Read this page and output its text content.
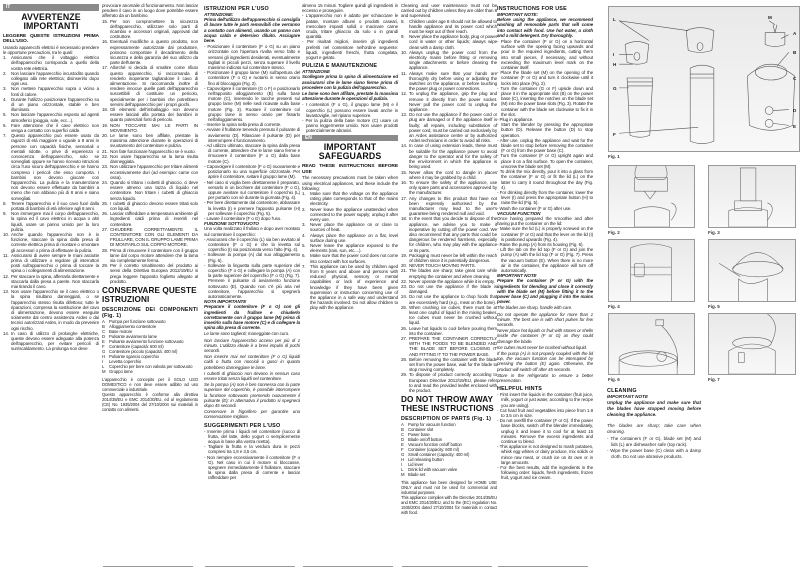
IT
AVVERTENZE IMPORTANTI
LEGGERE QUESTE ISTRUZIONI PRIMA DELL'USO.
Usando apparecchi elettrici è necessario prendere le opportune precauzioni, tra le quali:
1. Assicurarsi che il voltaggio elettrico dell'apparecchio corrisponda a quello della vostra rete elettrica.
2. Non lasciare l'apparecchio incustodito quando collegato alla rete elettrica; disinserirlo dopo ogni uso.
3. Non mettere l'apparecchio sopra o vicino a fonti di calore.
4. Durante l'utilizzo posizionare l'apparecchio su di un piano orizzontale, stabile e ben illuminato.
5. Non lasciare l'apparecchio esposto ad agenti atmosferici (pioggia, sole, ecc...).
6. Fare attenzione che il cavo elettrico non venga a contatto con superfici calde.
7. Questo apparecchio può essere usato da ragazzi di età maggiore o uguale a 8 anni in persone con capacità fisiche, sensoriali o mentali ridotte, o prive di esperienza o conoscenza dell'apparecchio, solo se sorvegliati oppure se hanno ricevuto istruzioni circa l'uso sicuro dell'apparecchio e se hanno compreso i pericoli che esso comporta. I bambini non devono giocare con l'apparecchio. La pulizia e la manutenzione non devono essere effettuate da bambini a meno che non abbiano più di 8 anni e siano sorvegliati.
8. Tenere l'apparecchio e il suo cavo fuori dalla portata di bambini di età inferiore agli 8 anni.
9. Non immergere mai il corpo dell'apparecchio, la spina ed il cavo elettrico in acqua o altri liquidi, usare un panno umido per la loro pulizia.
10. Anche quando l'apparecchio non è in funzione, staccare la spina dalla presa di corrente elettrica prima di montare o smontare gli accessori o prima di effettuare la pulizia.
11. Assicurarsi di avere sempre le mani asciutte prima di utilizzare o regolare gli interruttori posti sull'apparecchio o prima di toccare la spina o i collegamenti di alimentazione.
12. Per staccare la spina, afferrarla direttamente e staccarla dalla presa a parete. Non staccarla mai tirando il cavo.
13. Non usare l'apparecchio se il cavo elettrico o la spina risultano danneggiati, o se l'apparecchio stesso risulta difettoso; tutte le riparazioni, compresa la sostituzione del cavo di alimentazione, devono essere eseguite solamente dal centro assistenza Ardes o dai tecnici autorizzati Ardes, in modo da prevenire ogni rischio.
14. In caso di utilizzo di prolunghe elettriche, queste devono essere adeguate alla potenza dell'apparecchio, per evitare pericoli di surriscaldamento. La prolunga non deve
provocare anomalie di funzionamento. Non lasciar pendere il cavo in un luogo dove potrebbe essere afferrato da un bambino.
15. Per non compromettere la sicurezza dell'apparecchio, utilizzare solo parti di ricambio e accessori originali, approvati dal costruttore.
16. Eventuali modifiche a questo prodotto, non espressamente autorizzate dal produttore, possono comportare il decadimento della sicurezza e della garanzia del suo utilizzo da parte dell'utente.
17. Allorché si decida di smaltire come rifiuto questo apparecchio, si raccomanda di renderlo inoperante tagliandone il cavo di alimentazione. Si raccomanda inoltre di rendere innocue quelle parti dell'apparecchio suscettibili di costituire un pericolo, specialmente per i bambini che potrebbero servirsi dell'apparecchio per i propri giochi.
18. Gli elementi dell'imballaggio non devono essere lasciati alla portata dei bambini in quanto potenziali fonti di pericolo.
19. NON TOCCARE MAI LE PARTI IN MOVIMENTO.
20. Le lame sono ben affilate, prestate la massima attenzione durante le operazioni di svuotamento del contenitore e pulizia.
21. Non fate funzionare l'apparecchio se è vuoto.
22. Non usare l'apparecchio se la lama risulta danneggiata.
23. Non utilizzare l'apparecchio per tritare alimenti eccessivamente duri (ad esempio: carne con ossa).
24. Quando si tritano i cubetti di ghiaccio, ci deve essere almeno una tazza di liquido nel contenitore. Non tritare i cubetti di ghiaccio senza liquido.
25. I cubetti di ghiaccio devono essere tritati solo con liquidi.
26. Lasciar raffreddare a temperatura ambiente gli ingredienti caldi prima di inserirli nel contenitore.
27. CHIUDERE CORRETTAMENTE IL CONTENITORE CON GLI ELEMENTI DA FRULLARE, CON IL GRUPPO LAME PRIMA DI MONTARLO SUL CORPO MOTORE.
28. Prima di rimuovere il contenitore con il gruppo lame dal corpo motore attendere che la lama sia completamente ferma.
29. Per il corretto smaltimento del prodotto ai sensi della Direttiva Europea 2012/19/EU si prega leggere l'apposito foglietto allegato al prodotto.
CONSERVARE QUESTE ISTRUZIONI
DESCRIZIONE DEI COMPONENTI (Fig. 1)
A Pompa per funzione sottovuoto
B Alloggiamento contenitore
C Base motore
D Pulsante avviamento lame
E Pulsante avviamento funzione sottovuoto
F	Contenitore (capacità: 600 ml)
G Contenitore piccolo (capacità: 400 ml)
H Pulsante sgancio coperchio
I	Levetta coperchio
L	Coperchio per bere con valvola per sottovuoto
M Gruppo lame
L'apparecchio è concepito per il SOLO USO DOMESTICO e non deve essere adibito ad uso commerciale o industriale.
Questo apparecchio è conforme alla direttiva 2014/35/EU e EMC 2014/30/EU, ed al regolamento (CE) No. 1935/2004 del 27/10/2004 sui materiali in contatto con alimenti.
ISTRUZIONI PER L'USO
ATTENZIONE:
Prima dell'utilizzo dell'apparecchio si consiglia di lavare tutte le parti removibili che verranno a contatto con alimenti, usando un panno con acqua calda e detersivo diluito. Asciugare bene.
- Posizionare il contenitore (F o G) su un piano orizzontale con l'apertura rivolta verso l'alto e versarvi gli ingredienti desiderati, eventualmente tagliati in piccoli pezzi, senza superare il livello massimo indicato sul contenitore stesso.
- Posizionare il gruppo lame (M) sull'apertura del contenitore (F o G) e ruotarlo in senso orario fino al bloccaggio (Fig. 2).
- Capovolgere il contenitore (G o F) e posizionarlo nell'apposito alloggiamento (B) sulla base motore (C), inserendo le tacche presenti sul gruppo lame (M) nelle sedi ricavate sulla base motore (Fig. 3). Ruotare il contenitore col gruppo lame in senso orario per fissarlo nell'alloggiamento.
- Inserire la spina nella presa di corrente.
- Avviare il frullatore tenendo premuto il pulsante di avviamento (D). Rilasciare il pulsante (D) per interrompere il funzionamento.
- Ad utilizzo ultimato, staccare la spina dalla presa di corrente, attendere che le lame siano ferme e rimuovere il contenitore (F o G) dalla base motore (C).
- Capovolgere il contenitore (F o G) nuovamente e posizionarlo su una superficie orizzontale. Per aprire il contenitore, svitare il gruppo lame (M).
- Nel caso si voglia bere direttamente il preparato, versarlo in un bicchiere dal contenitore (F o G), oppure avvitare sul contenitore il coperchio (L) per portarlo con sé durante la giornata (Fig. 4).
- Per bere direttamente dal contenitore, abbassare la levetta (I) e premere l'apposito pulsante (H) per sollevare il coperchio (Fig. 5).
- Lavare il contenitore (F o G) dopo l'uso.
FUNZIONE SOTTOVUOTO
Una volta realizzato il frullato e dopo aver montato sul contenitore il coperchio:
- Assicurarsi che il coperchio (L) sia ben avvitato al contenitore (F o G) e che la levetta sul coperchio (I) sia posizionata verso l'alto (Fig. 4).
- Sollevare la pompa (A) dal suo alloggiamento (Fig. 6).
- Sollevare la linguetta sulla parte superiore del coperchio (F o G) e collegare la pompa (A) con la parte superiore del coperchio (F o G) (Fig. 7). Premere il pulsante di avviamento funzione sottovuoto (E). Quando non c'è più aria nel contenitore, l'apparecchio si spegnerà automaticamente.
NOTA IMPORTANTE
Preparare il contenitore (F o G) con gli ingredienti da frullare e chiuderlo correttamente con il gruppo lame (M) prima di inserirlo sulla base motore (C) e di collegare la spina alla presa di corrente.
Le lame sono taglienti; maneggiate con cura.
Non lasciare l'apparecchio acceso per più di 1 minuto. L'utilizzo ideale è a brevi impulsi di pochi secondi.
Non inserire mai nel contenitore (F o G) liquidi caldi o frutta con noccioli o gusci in quanto potrebbero danneggiare le lame.
I cubetti di ghiaccio non devono in nessun caso essere tritati senza liquidi nel contenitore.
Se la pompa (A) non è ben connessa con la parte superiore del coperchio, è possibile interrompere la funzione sottovuoto premendo nuovamente il pulsante (E); in alternativa il prodotto si spegnerà dopo 45 secondi.
Conservare in frigorifero per garantire una conservazione migliore.
SUGGERIMENTI PER L'USO
- Inserire prima i liquidi nel contenitore (succo di frutta, del latte, dello yogurt o semplicemente acqua in base alla vostra ricetta).
- Tagliare la frutta e la verdura dura in pezzi compresi tra 1,8 e 3,5 cm.
- Non riempire eccessivamente il contenitore (F o G). Nel caso in cui il motore si bloccasse, spegnere immediatamente il frullatore, staccare la spina dalla presa di corrente e lasciar raffreddare per
almeno 15 minuti. Togliere quindi gli ingredienti in eccesso e proseguire.
- L'apparecchio non è adatto per schiacciare le patate, montare albumi o prodotti caseari, mescolare impasti solidi o macinare carne cruda, tritare ghiaccio da solo o in grandi quantità.
- Per risultati migliori, inserire gli ingredienti preferiti nel contenitore nell'ordine seguente: liquidi, ingredienti freschi, frutta congelata, yogurt e gelato.
PULIZIA E MANUTENZIONE
ATTENZIONE
Scollegare prima la spina di alimentazione ed assicurarsi che le lame siano ferme prima di procedere con la pulizia dell'apparecchio.
Le lame sono ben affilate, prestate la massima attenzione durante le operazioni di pulizia.
- I contenitori (F o G), il gruppo lame (M) e il coperchio (L) possono essere lavati anche in lavastoviglie, nel ripiano superiore.
- Per la pulizia della base motore (C) usare un panno leggermente umido. Non usare prodotti potenzialmente abrasivi.
EN
IMPORTANT SAFEGUARDS
READ THESE INSTRUCTIONS BEFORE USE
The necessary precautions must be taken when using electrical appliances, and these include the following:
1. Make sure that the voltage on the appliance rating plate corresponds to that of the mains electricity.
2. Never leave the appliance unattended when connected to the power supply; unplug it after every use.
3. Never place the appliance on or close to sources of heat.
4. Always place the appliance on a flat, level surface during use.
5. Never leave the appliance exposed to the elements (rain, sun, etc....).
6. Make sure that the power cord does not come into contact with hot surfaces.
7. This appliance can be used by children aged from 8 years and above and persons with reduced physical, sensory or mental capabilities or lack of experience and knowledge if they have been given supervision or instruction concerning use of the appliance in a safe way and understand the hazards involved. Do not allow children to play with the appliance.
Cleaning and user maintenance must not be carried out by children unless they are older than 8 and supervised.
8. Children under age 8 should not be allowed to handle appliance and its power cord which must be kept out of their reach.
9. Never place the appliance body, plug or power cord in water or other liquids; always wipe clean with a damp cloth.
10. Always unplug the power cord from the electricity mains before fitting or removing single attachments or before cleaning the appliance.
11. Always make sure that your hands are thoroughly dry before using or adjusting the switches on the appliance, or before touching the power plug or power connections.
12. To unplug the appliance, grip the plug and remove it directly from the power socket. Never pull the power cord to unplug the appliance.
13. Do not use the appliance if the power cord or plug are damaged or if the appliance itself is faulty; all repairs, including substitution of power cord, must be carried out exclusively by an Ardes assistance centre or by authorized Ardes technicians in order to avoid all risks.
14. In case of using extension leads, these must be suitable for the appliance power to avoid danger to the operator and for the safety of the environment in which the appliance is being used.
15. Never allow the cord to dangle in places where it may be grabbed by a child.
16. To ensure the safety of the appliance, use only spare parts and accessories approved by the manufacturer.
17. Any changes to this product that have not been expressly authorised by the manufacturer may lead to the user's guarantee being rendered null and void.
18. In the event that you decide to dispose of the appliance, we advise you to make it inoperative by cutting off the power cord. We also recommend that any parts that could be dangerous be rendered harmless, especially for children, who may play with the appliance or its parts.
19. Packaging must never be left within the reach of children since it is potentially dangerous.
20. NEVER TOUCH MOVING PARTS.
21. The blades are sharp; take great care while emptying the container and when cleaning.
22. Never operate the appliance while it is empty.
23. Do not use the appliance if the blade is damaged.
24. Do not use the appliance to chop foods that are excessively hard (e.g., meat on the bone).
25. When crushing ice cubes, there must be at least one capful of liquid in the mixing beaker. Ice cubes must never be crushed without liquid.
26. Leave hot liquids to cool before pouring them into the container.
27. PREPARE THE CONTAINER CORRECTLY WITH THE FOODS TO BE BLENDED AND THE BLADE SET BEFORE CLOSING IT AND FITTING IT TO THE POWER BASE.
28. Before removing the container with the blade set from the power base, wait for the blade to stop moving completely.
29. To dispose of product correctly according to European Directive 2012/19/EU, please refer to and read the provided leaflet enclosed with the product.
DO NOT THROW AWAY THESE INSTRUCTIONS
DESCRIPTION OF PARTS (Fig. 1)
A Pump for vacuum function
B Container slot
C Power base
D Blade on/off button
E Vacuum function on/off button
F	Container (capacity: 600 ml)
G Small container (capacity: 400 ml)
H Lid releasing button
I	Lid lever
L	Drink lid with vacuum valve
M Blade set
This appliance has been designed for HOME USE ONLY and must not be used for commercial and industrial purposes.
This appliance complies with the Directive 2014/35/EU and EMC 2014/30/EU, and to the (EC) regulation No. 1935/2004 dated 27/10/2004 for materials in contact with food.
INSTRUCTIONS FOR USE
IMPORTANT NOTE:
Before using the appliance, we recommend washing all removable parts that will come into contact with food. Use hot water, a cloth and a mild detergent. Dry thoroughly.
- Place the container (F or G) on a horizontal surface with the opening facing upwards and pour in the required ingredients, cutting them into small pieces, if necessary, and without exceeding the maximum level mark on the container itself.
- Place the blade set (M) on the opening of the container (F or G) and turn it clockwise until it locks into place (Fig. 2).
- Turn the container (G or F) upside down and place it in the appropriate slot (B) on the power base (C), inserting the notches on the blade set (M) into the power base slots (Fig. 3). Rotate the container with the blade set clockwise to fix it in the slot.
- Plug in appliance.
- Start the blender by pressing the appropriate button (D). Release the button (D) to stop operation.
- After use, unplug the appliance and wait for the blade set to stop before removing the container (F or G) from the power base (C).
- Turn the container (F or G) upright again and place it on a flat surface. To open the container, unscrew the blade set (M).
- To drink the mix directly, pour it into a glass from the container (F or G) or fit the lid (L) on the latter to carry it round throughout the day (Fig. 4).
- For drinking directly from the container, lower the lever (I) and press the appropriate button (H) to raise the lid (Fig. 5).
- Wash the container (F or G) after use.
VACUUM FUNCTION
Once having prepared the smoothie and after having put the container on the lid:
- Make sure the lid (L) is properly screwed on the container (F or G) and that the lever on the lid (I) is positioned upwards (Fig. 4).
- Raise the pump (A) from its housing (Fig. 6).
- Lift the tab on the lid top (F or G) and join the pump (A) with the lid top (F or G) (Fig. 7). Press the vacuum button (E). When there is no more air in the container, the appliance will turn off automatically.
IMPORTANT NOTE
Prepare the container (F or G) with the ingredients for blending and close it correctly with the blade set (M) before fitting it to the power base (C) and plugging it into the mains power.
The blades are sharp, handle with care.
Do not operate the appliance for more than 1 minute. The best use is with short pulses for few seconds.
Never place hot liquids or fruit with stones or shells inside the container (F or G) as they could damage the blade.
Ice cubes must never be crushed without liquid.
If the pump (A) is not properly coupled with the lid top, the vacuum function can be interrupted by pressing the button (E) again. Otherwise, the product will switch off after 45 seconds.
Store in the refrigerator to ensure a better preservation.
HELPFUL HINTS
- First insert the liquids in the container (fruit juice, milk, yogurt or just water, according to the recipe you are using).
- Cut hard fruit and vegetables into piece from 1.8 to 3.5 cm in size.
- Do not overfill the container (F or G). If the power base blocks, switch off the blender immediately, unplug it and leave it to cool for at least 15 minutes. Remove the excess ingredients and continue to blend.
- This appliance is not designed to mash potatoes, whisk egg whites or dairy produce, mix solids or mince raw meat, or crush ice on its own or in large amounts.
- For the best results, add the ingredients in the following order: liquids, fresh ingredients, frozen fruit, yogurt and ice cream.
L
I
H
G
F
M
A
B
C
D
E
Fig. 1
Fig. 2	Fig. 3
Fig. 4	Fig. 5
Fig. 6	Fig. 7
CLEANING
IMPORTANT NOTE
Unplug the appliance and make sure that the blades have stopped moving before cleaning the appliance.
The blades are sharp; take care when cleaning.
- The containers (F or G), blade set (M) and lids (L) are dishwasher safe (top rack).
- Wipe the power base (C) clean with a damp cloth. Do not use abrasive products.
